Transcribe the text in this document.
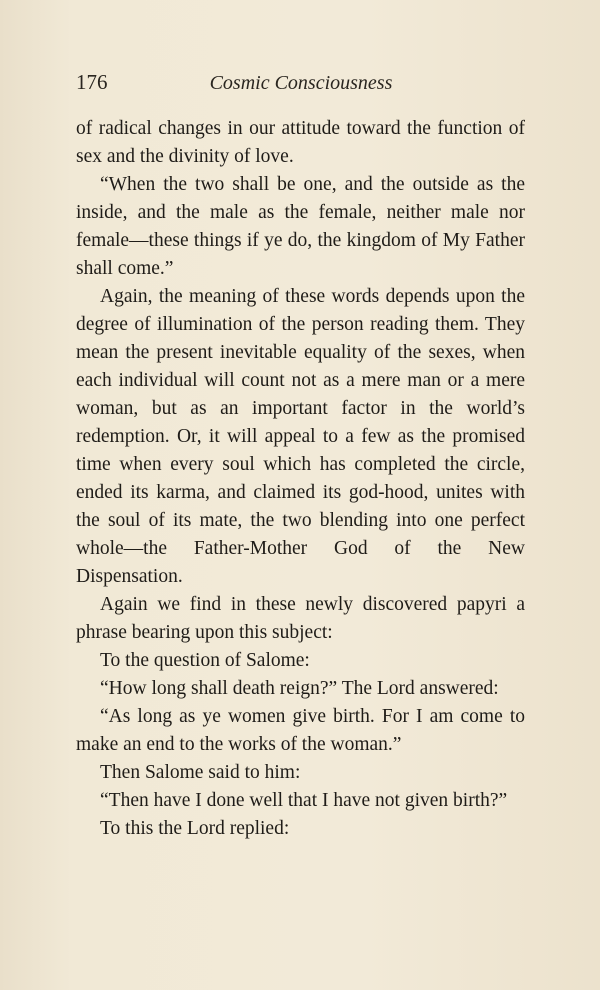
176	Cosmic Consciousness

of radical changes in our attitude toward the function of sex and the divinity of love.

“When the two shall be one, and the outside as the inside, and the male as the female, neither male nor female—these things if ye do, the kingdom of My Father shall come.”

Again, the meaning of these words depends upon the degree of illumination of the person reading them. They mean the present inevitable equality of the sexes, when each individual will count not as a mere man or a mere woman, but as an important factor in the world’s redemption. Or, it will appeal to a few as the promised time when every soul which has completed the circle, ended its karma, and claimed its god-hood, unites with the soul of its mate, the two blending into one perfect whole—the Father-Mother God of the New Dispensation.

Again we find in these newly discovered papyri a phrase bearing upon this subject:

To the question of Salome:

“How long shall death reign?” The Lord answered:

“As long as ye women give birth. For I am come to make an end to the works of the woman.”

Then Salome said to him:

“Then have I done well that I have not given birth?”

To this the Lord replied:
